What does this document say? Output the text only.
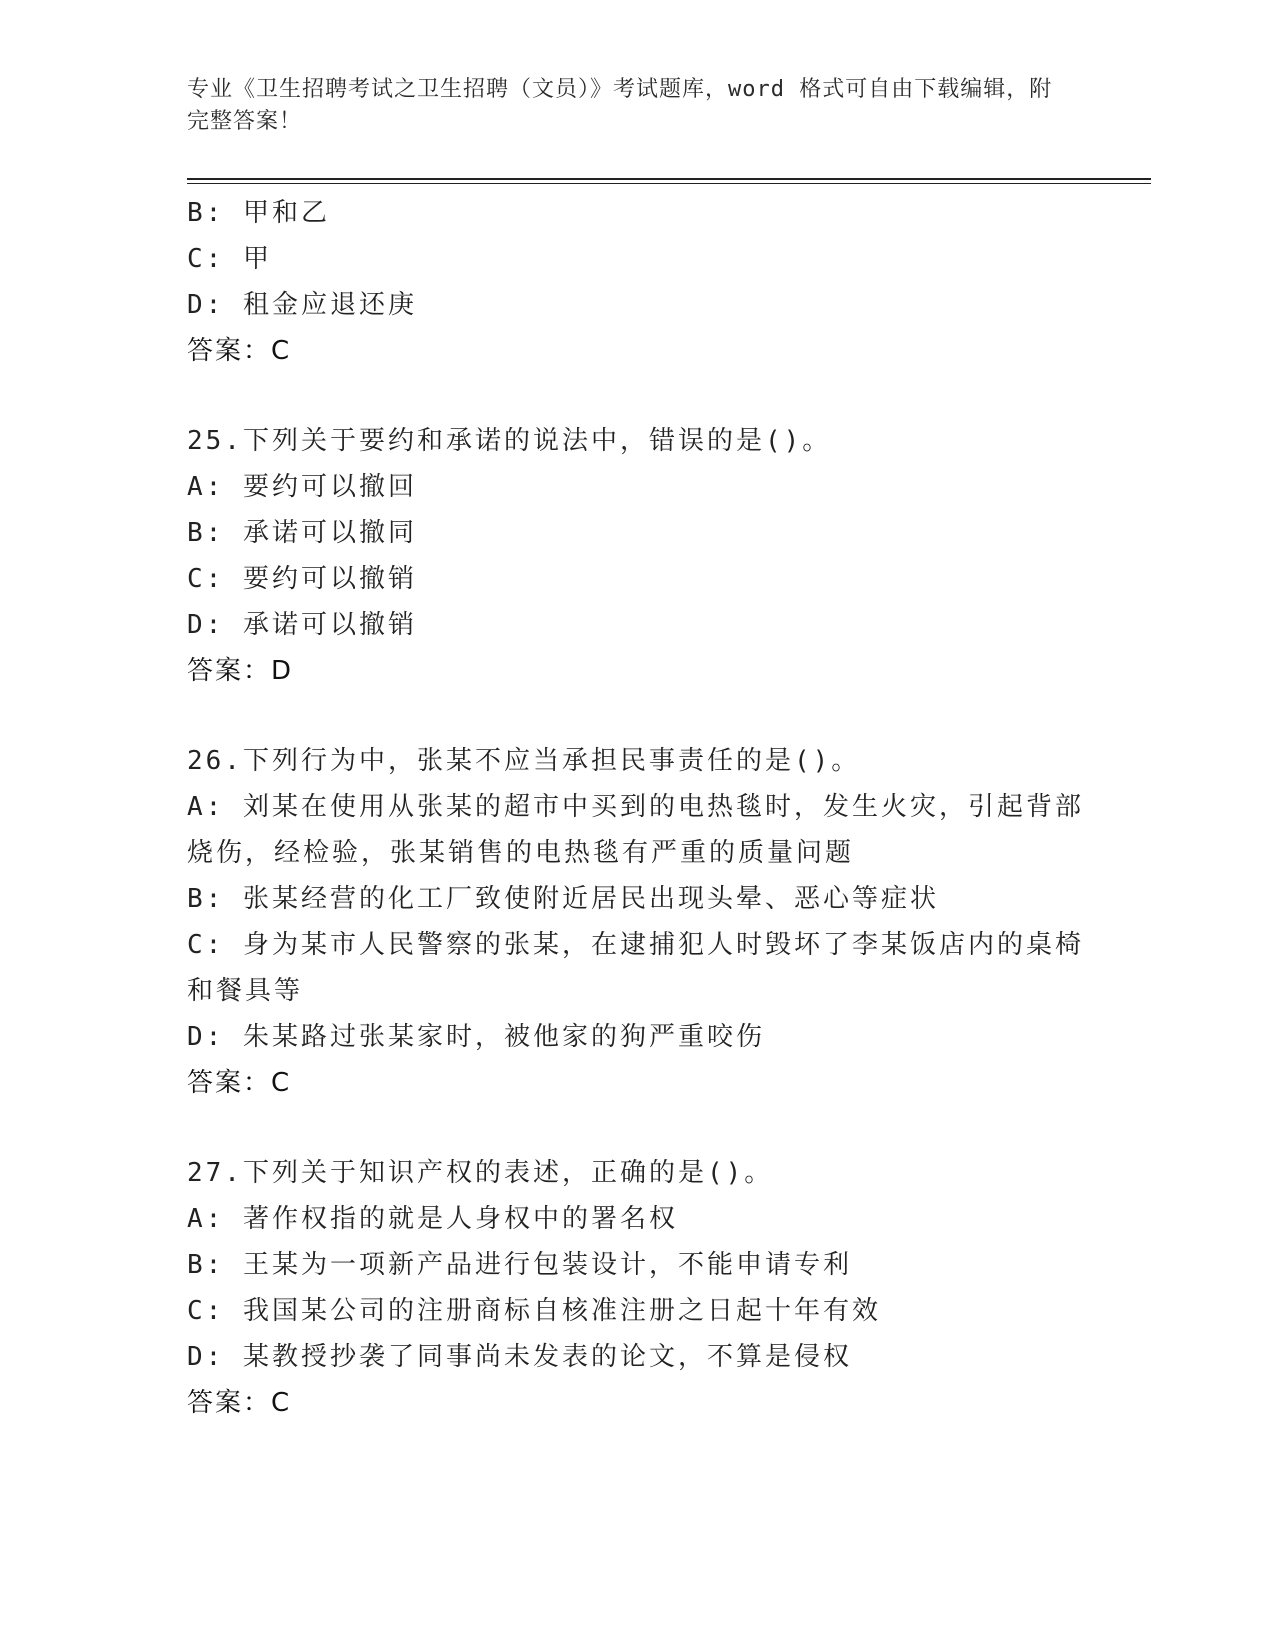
专业《卫生招聘考试之卫生招聘（文员）》考试题库，word 格式可自由下载编辑，附完整答案！

B: 甲和乙

C: 甲

D: 租金应退还庚

答案：C

25.下列关于要约和承诺的说法中，错误的是()。

A: 要约可以撤回

B: 承诺可以撤同

C: 要约可以撤销

D: 承诺可以撤销

答案：D

26.下列行为中，张某不应当承担民事责任的是()。

A: 刘某在使用从张某的超市中买到的电热毯时，发生火灾，引起背部烧伤，经检验，张某销售的电热毯有严重的质量问题

B: 张某经营的化工厂致使附近居民出现头晕、恶心等症状

C: 身为某市人民警察的张某，在逮捕犯人时毁坏了李某饭店内的桌椅和餐具等

D: 朱某路过张某家时，被他家的狗严重咬伤

答案：C

27.下列关于知识产权的表述，正确的是()。

A: 著作权指的就是人身权中的署名权

B: 王某为一项新产品进行包装设计，不能申请专利

C: 我国某公司的注册商标自核准注册之日起十年有效

D: 某教授抄袭了同事尚未发表的论文，不算是侵权

答案：C
